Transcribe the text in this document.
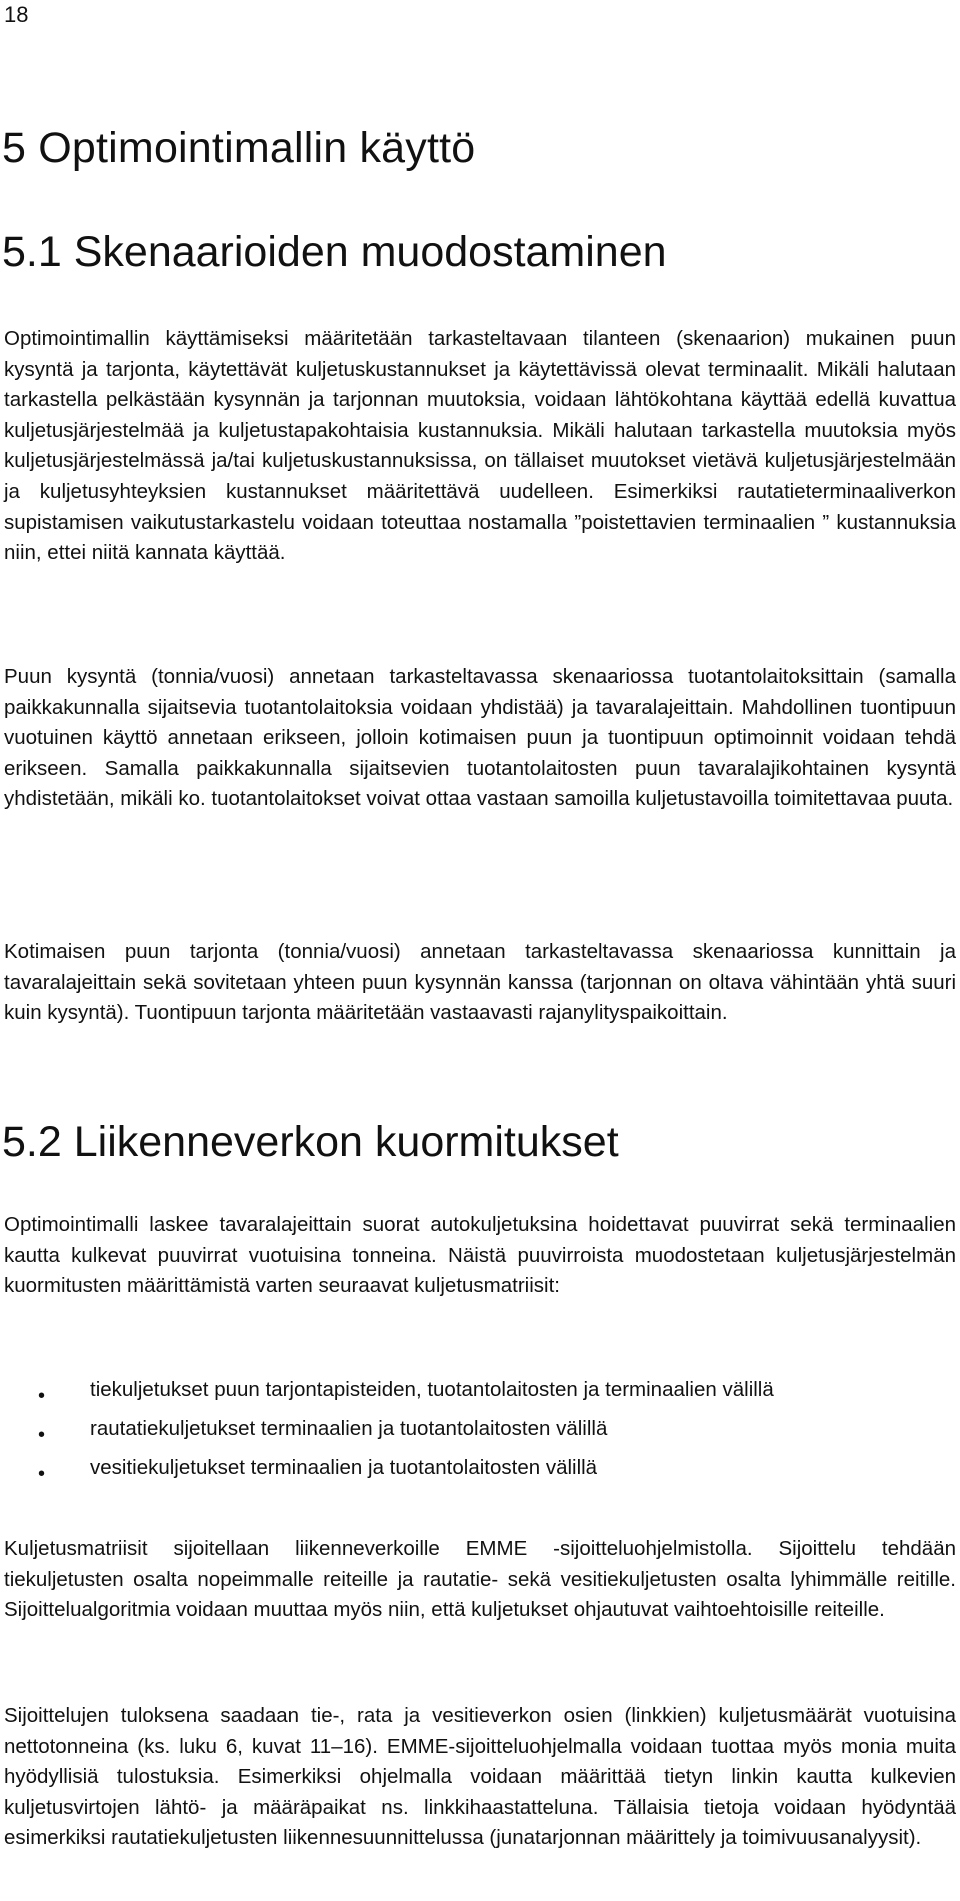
18
5 Optimointimallin käyttö
5.1 Skenaarioiden muodostaminen

Optimointimallin käyttämiseksi määritetään tarkasteltavaan tilanteen (skenaarion) mukainen puun kysyntä ja tarjonta, käytettävät kuljetuskustannukset ja käytettävissä olevat terminaalit. Mikäli halutaan tarkastella pelkästään kysynnän ja tarjonnan muutoksia, voidaan lähtökohtana käyttää edellä kuvattua kuljetusjärjestelmää ja kuljetustapakohtaisia kustannuksia. Mikäli halutaan tarkastella muutoksia myös kuljetusjärjestelmässä ja/tai kuljetuskustannuksissa, on tällaiset muutokset vietävä kuljetusjärjestelmään ja kuljetusyhteyksien kustannukset määritettävä uudelleen. Esimerkiksi rautatieterminaaliverkon supistamisen vaikutustarkastelu voidaan toteuttaa nostamalla ”poistettavien terminaalien ” kustannuksia niin, ettei niitä kannata käyttää.

Puun kysyntä (tonnia/vuosi) annetaan tarkasteltavassa skenaariossa tuotantolaitoksittain (samalla paikkakunnalla sijaitsevia tuotantolaitoksia voidaan yhdistää) ja tavaralajeittain. Mahdollinen tuontipuun vuotuinen käyttö annetaan erikseen, jolloin kotimaisen puun ja tuontipuun optimoinnit voidaan tehdä erikseen. Samalla paikkakunnalla sijaitsevien tuotantolaitosten puun tavaralajikohtainen kysyntä yhdistetään, mikäli ko. tuotantolaitokset voivat ottaa vastaan samoilla kuljetustavoilla toimitettavaa puuta.

Kotimaisen puun tarjonta (tonnia/vuosi) annetaan tarkasteltavassa skenaariossa kunnittain ja tavaralajeittain sekä sovitetaan yhteen puun kysynnän kanssa (tarjonnan on oltava vähintään yhtä suuri kuin kysyntä). Tuontipuun tarjonta määritetään vastaavasti rajanylityspaikoittain.

5.2 Liikenneverkon kuormitukset

Optimointimalli laskee tavaralajeittain suorat autokuljetuksina hoidettavat puuvirrat sekä terminaalien kautta kulkevat puuvirrat vuotuisina tonneina. Näistä puuvirroista muodostetaan kuljetusjärjestelmän kuormitusten määrittämistä varten seuraavat kuljetusmatriisit:

• tiekuljetukset puun tarjontapisteiden, tuotantolaitosten ja terminaalien välillä
• rautatiekuljetukset terminaalien ja tuotantolaitosten välillä
• vesitiekuljetukset terminaalien ja tuotantolaitosten välillä

Kuljetusmatriisit sijoitellaan liikenneverkoille EMME -sijoitteluohjelmistolla. Sijoittelu tehdään tiekuljetusten osalta nopeimmalle reiteille ja rautatie- sekä vesitiekuljetusten osalta lyhimmälle reitille. Sijoittelualgoritmia voidaan muuttaa myös niin, että kuljetukset ohjautuvat vaihtoehtoisille reiteille.

Sijoittelujen tuloksena saadaan tie-, rata ja vesitieverkon osien (linkkien) kuljetusmäärät vuotuisina nettotonneina (ks. luku 6, kuvat 11–16). EMME-sijoitteluohjelmalla voidaan tuottaa myös monia muita hyödyllisiä tulostuksia. Esimerkiksi ohjelmalla voidaan määrittää tietyn linkin kautta kulkevien kuljetusvirtojen lähtö- ja määräpaikat ns. linkkihaastatteluna. Tällaisia tietoja voidaan hyödyntää esimerkiksi rautatiekuljetusten liikennesuunnittelussa (junatarjonnan määrittely ja toimivuusanalyysit).
